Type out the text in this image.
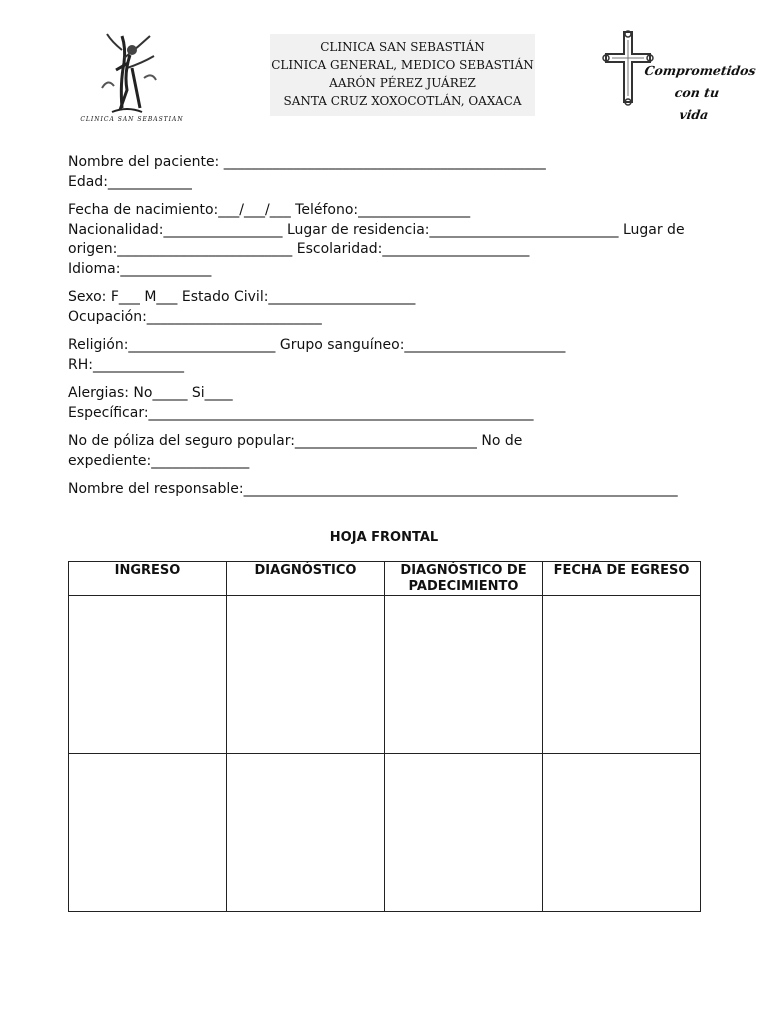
CLINICA SAN SEBASTIAN
CLINICA SAN SEBASTIÁN
CLINICA GENERAL, MEDICO SEBASTIÁN
AARÓN PÉREZ JUÁREZ
SANTA CRUZ XOXOCOTLÁN, OAXACA
Comprometidos con tu
vida

Nombre del paciente: ______________________________________________
Edad:____________

Fecha de nacimiento:___/___/___ Teléfono:________________
Nacionalidad:_________________ Lugar de residencia:___________________________ Lugar de origen:_________________________ Escolaridad:_____________________
Idioma:_____________

Sexo: F___ M___ Estado Civil:_____________________
Ocupación:_________________________

Religión:_____________________ Grupo sanguíneo:_______________________
RH:_____________

Alergias: No_____ Si____
Específicar:_______________________________________________________

No de póliza del seguro popular:__________________________ No de expediente:______________

Nombre del responsable:______________________________________________________________

HOJA FRONTAL
INGRESO	DIAGNÓSTICO	DIAGNÓSTICO DE PADECIMIENTO	FECHA DE EGRESO
